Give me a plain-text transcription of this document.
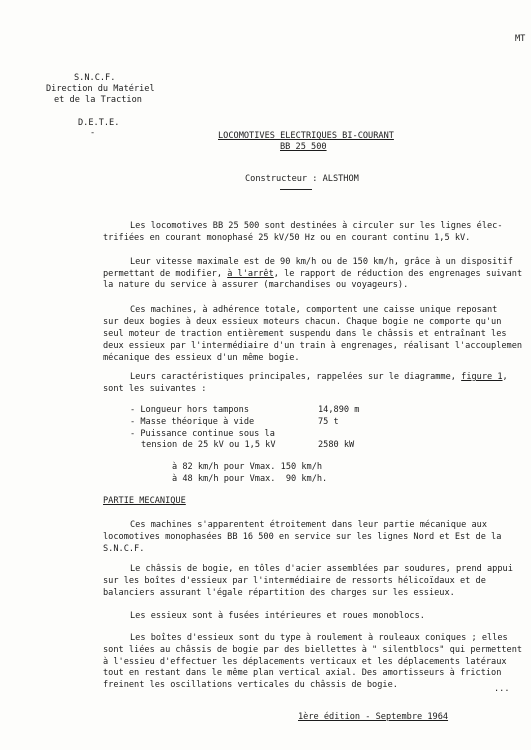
MT
S.N.C.F.
Direction du Matériel
et de la Traction
D.E.T.E.
-	LOCOMOTIVES ELECTRIQUES BI-COURANT
BB 25 500
Constructeur : ALSTHOM
Les locomotives BB 25 500 sont destinées à circuler sur les lignes élec-
trifiées en courant monophasé 25 kV/50 Hz ou en courant continu 1,5 kV.
Leur vitesse maximale est de 90 km/h ou de 150 km/h, grâce à un dispositif
permettant de modifier, à l'arrêt, le rapport de réduction des engrenages suivant
la nature du service à assurer (marchandises ou voyageurs).
Ces machines, à adhérence totale, comportent une caisse unique reposant
sur deux bogies à deux essieux moteurs chacun. Chaque bogie ne comporte qu'un
seul moteur de traction entièrement suspendu dans le châssis et entraînant les
deux essieux par l'intermédiaire d'un train à engrenages, réalisant l'accouplemen
mécanique des essieux d'un même bogie.
Leurs caractéristiques principales, rappelées sur le diagramme, figure 1,
sont les suivantes :
- Longueur hors tampons	14,890 m
- Masse théorique à vide	75 t
- Puissance continue sous la
tension de 25 kV ou 1,5 kV	2580 kW
à 82 km/h pour Vmax. 150 km/h
à 48 km/h pour Vmax.  90 km/h.
PARTIE MECANIQUE
Ces machines s'apparentent étroitement dans leur partie mécanique aux
locomotives monophasées BB 16 500 en service sur les lignes Nord et Est de la
S.N.C.F.
Le châssis de bogie, en tôles d'acier assemblées par soudures, prend appui
sur les boîtes d'essieux par l'intermédiaire de ressorts hélicoïdaux et de
balanciers assurant l'égale répartition des charges sur les essieux.
Les essieux sont à fusées intérieures et roues monoblocs.
Les boîtes d'essieux sont du type à roulement à rouleaux coniques ; elles
sont liées au châssis de bogie par des biellettes à " silentblocs" qui permettent
à l'essieu d'effectuer les déplacements verticaux et les déplacements latéraux
tout en restant dans le même plan vertical axial. Des amortisseurs à friction
freinent les oscillations verticales du châssis de bogie.	...
1ère édition - Septembre 1964
